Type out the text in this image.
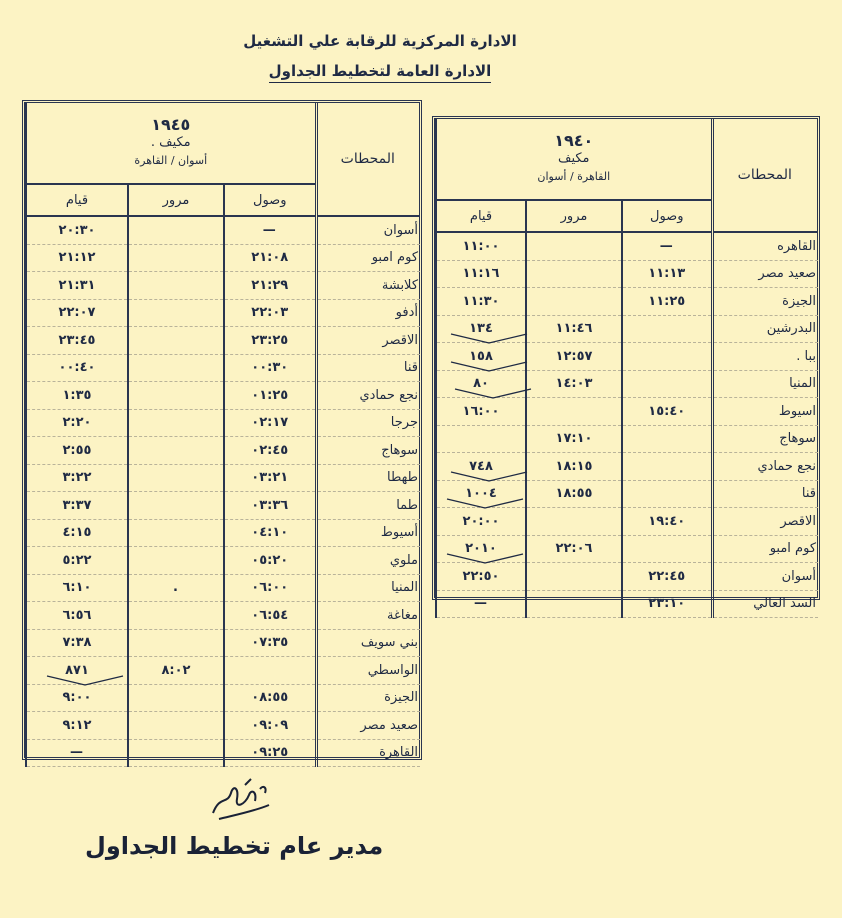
الادارة المركزية للرقابة علي التشغيل
الادارة العامة لتخطيط الجداول
١٩٤٥
مكيف .
أسوان / القاهرة			المحطات
قيام	مرور	وصول	
٢٠:٣٠		—	أسوان
٢١:١٢		٢١:٠٨	كوم امبو
٢١:٣١		٢١:٢٩	كلابشة
٢٢:٠٧		٢٢:٠٣	أدفو
٢٣:٤٥		٢٣:٢٥	الاقصر
٠٠:٤٠		٠٠:٣٠	قنا
١:٣٥		٠١:٢٥	نجع حمادي
٢:٢٠		٠٢:١٧	جرجا
٢:٥٥		٠٢:٤٥	سوهاج
٣:٢٢		٠٣:٢١	طهطا
٣:٣٧		٠٣:٣٦	طما
٤:١٥		٠٤:١٠	أسيوط
٥:٢٢		٠٥:٢٠	ملوي
٦:١٠	.	٠٦:٠٠	المنيا
٦:٥٦		٠٦:٥٤	مغاغة
٧:٣٨		٠٧:٣٥	بني سويف
٨٧١	٨:٠٢		الواسطي
٩:٠٠		٠٨:٥٥	الجيزة
٩:١٢		٠٩:٠٩	صعيد مصر
—		٠٩:٢٥	القاهرة
١٩٤٠
مكيف
القاهرة / أسوان			المحطات
قيام	مرور	وصول	
١١:٠٠		—	القاهره
١١:١٦		١١:١٣	صعيد مصر
١١:٣٠		١١:٢٥	الجيزة
١٣٤	١١:٤٦		البدرشين
١٥٨	١٢:٥٧		ببا .
٨٠	١٤:٠٣		المنيا
١٦:٠٠		١٥:٤٠	اسيوط
	١٧:١٠		سوهاج
٧٤٨	١٨:١٥		نجع حمادي
١٠٠٤	١٨:٥٥		قنا
٢٠:٠٠		١٩:٤٠	الاقصر
٢٠١٠	٢٢:٠٦		كوم امبو
٢٢:٥٠		٢٢:٤٥	أسوان
—		٢٣:١٠	السد العالي
مدير عام تخطيط الجداول
